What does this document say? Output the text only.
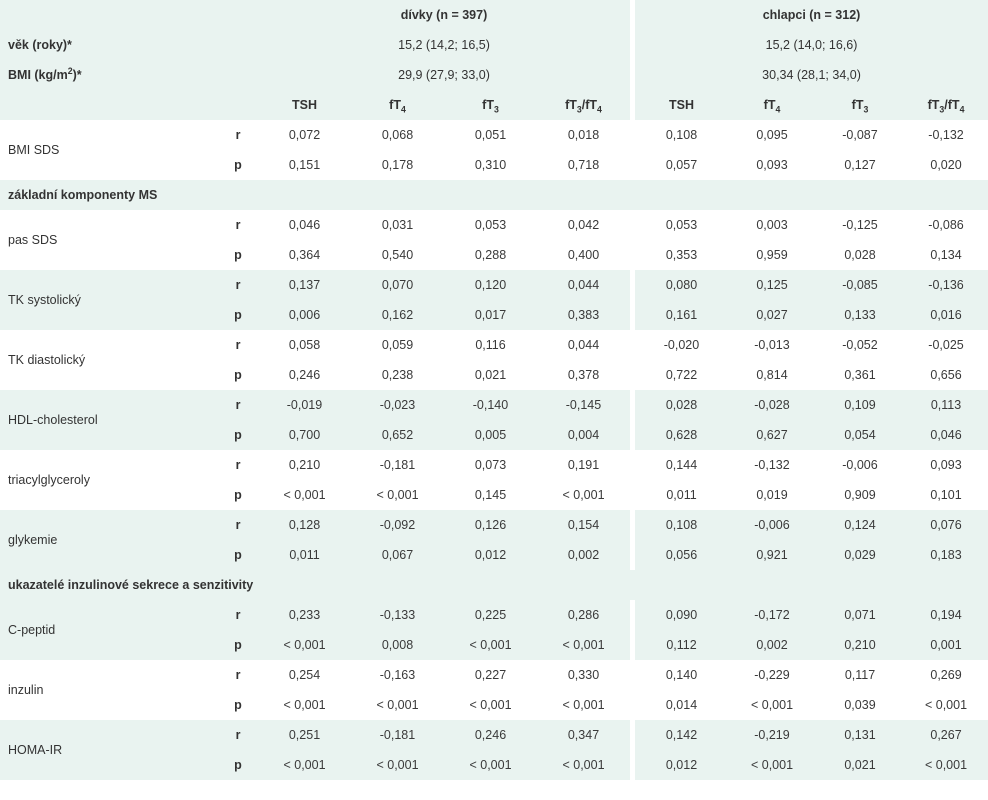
		dívky (n = 397)					chlapci (n = 312)			
věk (roky)*		15,2 (14,2; 16,5)					15,2 (14,0; 16,6)			
BMI $(kg/m^2)*$		29,9 (27,9; 33,0)					30,34 (28,1; 34,0)			
		TSH	$fT_4$	$fT_3$	$fT_3/fT_4$		TSH	$fT_4$	$fT_3$	$fT_3/fT_4$
BMI SDS	r	0,072	0,068	0,051	0,018		0,108	0,095	-0,087	-0,132
	p	0,151	0,178	0,310	0,718		0,057	0,093	0,127	0,020
základní komponenty MS										
pas SDS	r	0,046	0,031	0,053	0,042		0,053	0,003	-0,125	-0,086
	p	0,364	0,540	0,288	0,400		0,353	0,959	0,028	0,134
TK systolický	r	0,137	0,070	0,120	0,044		0,080	0,125	-0,085	-0,136
	p	0,006	0,162	0,017	0,383		0,161	0,027	0,133	0,016
TK diastolický	r	0,058	0,059	0,116	0,044		-0,020	-0,013	-0,052	-0,025
	p	0,246	0,238	0,021	0,378		0,722	0,814	0,361	0,656
HDL-cholesterol	r	-0,019	-0,023	-0,140	-0,145		0,028	-0,028	0,109	0,113
	p	0,700	0,652	0,005	0,004		0,628	0,627	0,054	0,046
triacylglyceroly	r	0,210	-0,181	0,073	0,191		0,144	-0,132	-0,006	0,093
	p	< 0,001	< 0,001	0,145	< 0,001		0,011	0,019	0,909	0,101
glykemie	r	0,128	-0,092	0,126	0,154		0,108	-0,006	0,124	0,076
	p	0,011	0,067	0,012	0,002		0,056	0,921	0,029	0,183
ukazatelé inzulinové sekrece a senzitivity										
C-peptid	r	0,233	-0,133	0,225	0,286		0,090	-0,172	0,071	0,194
	p	< 0,001	0,008	< 0,001	< 0,001		0,112	0,002	0,210	0,001
inzulin	r	0,254	-0,163	0,227	0,330		0,140	-0,229	0,117	0,269
	p	< 0,001	< 0,001	< 0,001	< 0,001		0,014	< 0,001	0,039	< 0,001
HOMA-IR	r	0,251	-0,181	0,246	0,347		0,142	-0,219	0,131	0,267
	p	< 0,001	< 0,001	< 0,001	< 0,001		0,012	< 0,001	0,021	< 0,001
